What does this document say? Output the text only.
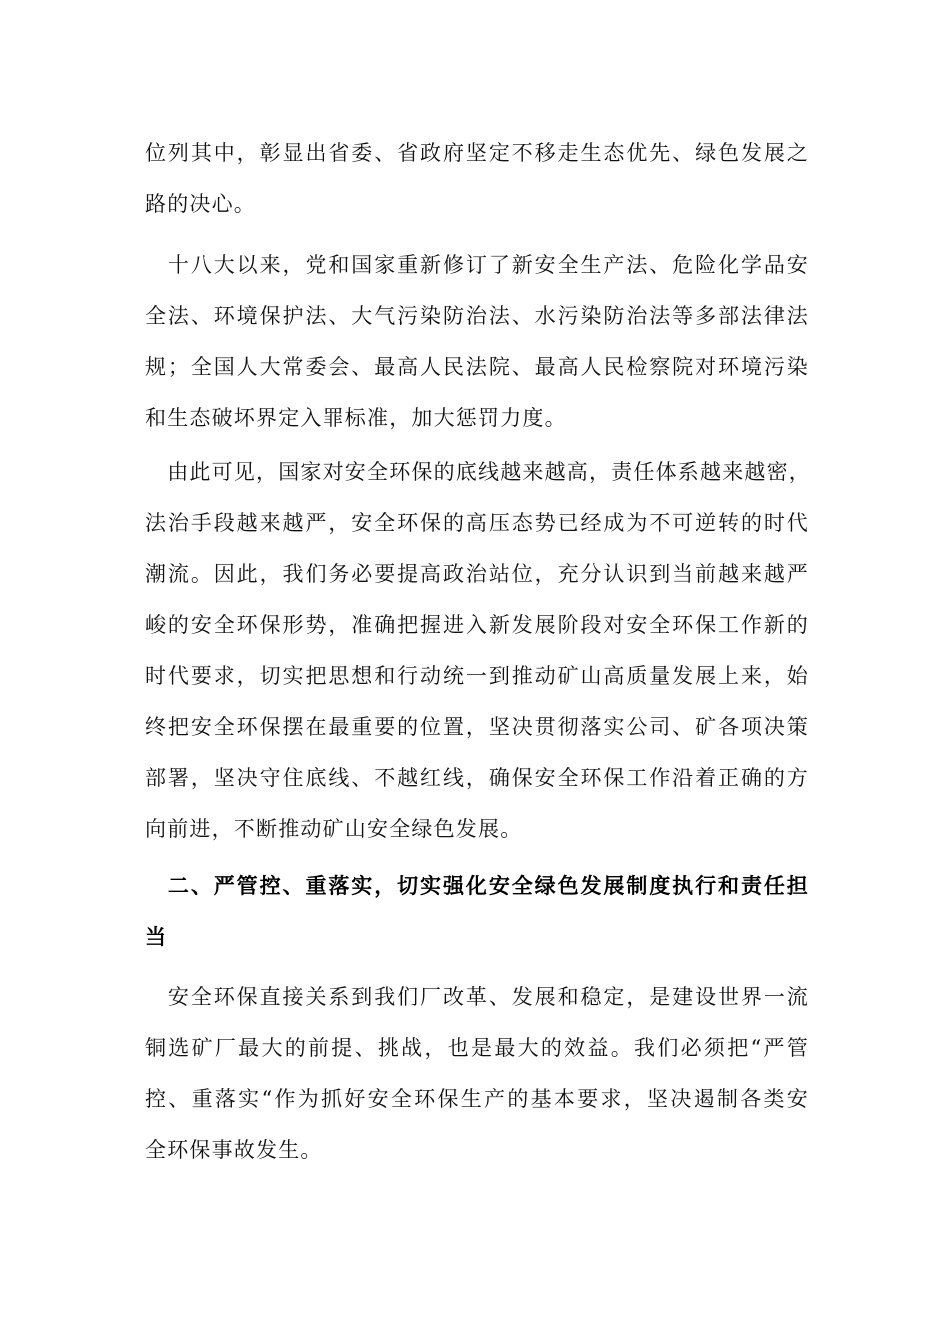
位列其中，彰显出省委、省政府坚定不移走生态优先、绿色发展之
路的决心。
　十八大以来，党和国家重新修订了新安全生产法、危险化学品安
全法、环境保护法、大气污染防治法、水污染防治法等多部法律法
规；全国人大常委会、最高人民法院、最高人民检察院对环境污染
和生态破坏界定入罪标准，加大惩罚力度。
　由此可见，国家对安全环保的底线越来越高，责任体系越来越密，
法治手段越来越严，安全环保的高压态势已经成为不可逆转的时代
潮流。因此，我们务必要提高政治站位，充分认识到当前越来越严
峻的安全环保形势，准确把握进入新发展阶段对安全环保工作新的
时代要求，切实把思想和行动统一到推动矿山高质量发展上来，始
终把安全环保摆在最重要的位置，坚决贯彻落实公司、矿各项决策
部署，坚决守住底线、不越红线，确保安全环保工作沿着正确的方
向前进，不断推动矿山安全绿色发展。
　二、严管控、重落实，切实强化安全绿色发展制度执行和责任担
当
　安全环保直接关系到我们厂改革、发展和稳定，是建设世界一流
铜选矿厂最大的前提、挑战，也是最大的效益。我们必须把“严管
控、重落实“作为抓好安全环保生产的基本要求，坚决遏制各类安
全环保事故发生。
